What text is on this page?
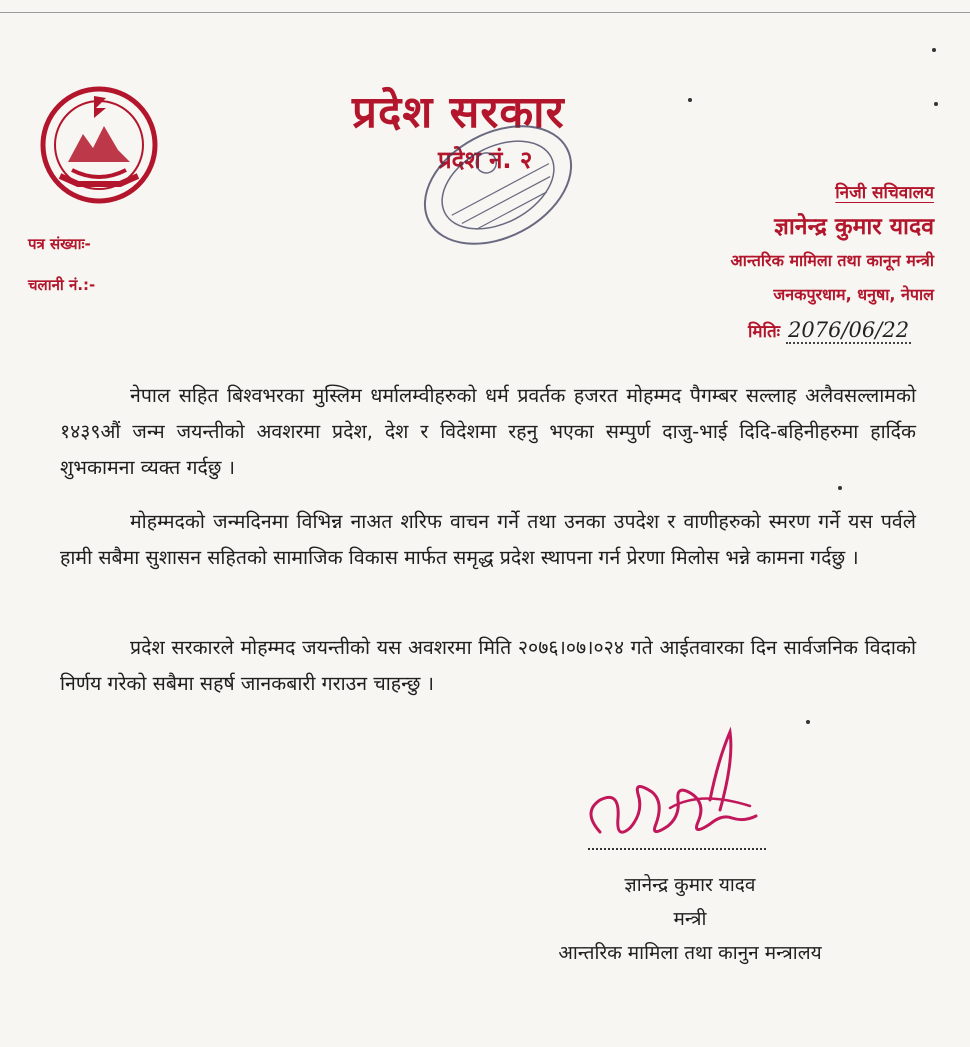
प्रदेश सरकार
प्रदेश नं. २
पत्र संख्याः-
चलानी नं.:-
निजी सचिवालय
ज्ञानेन्द्र कुमार यादव
आन्तरिक मामिला तथा कानून मन्त्री
जनकपुरधाम, धनुषा, नेपाल
मितिः 2076/06/22

नेपाल सहित बिश्वभरका मुस्लिम धर्मालम्वीहरुको धर्म प्रवर्तक हजरत मोहम्मद पैगम्बर सल्लाह अलैवसल्लामको १४३९औं जन्म जयन्तीको अवशरमा प्रदेश, देश र विदेशमा रहनु भएका सम्पुर्ण दाजु-भाई दिदि-बहिनीहरुमा हार्दिक शुभकामना व्यक्त गर्दछु ।

मोहम्मदको जन्मदिनमा विभिन्न नाअत शरिफ वाचन गर्ने तथा उनका उपदेश र वाणीहरुको स्मरण गर्ने यस पर्वले हामी सबैमा सुशासन सहितको सामाजिक विकास मार्फत समृद्ध प्रदेश स्थापना गर्न प्रेरणा मिलोस भन्ने कामना गर्दछु ।

प्रदेश सरकारले मोहम्मद जयन्तीको यस अवशरमा मिति २०७६।०७।०२४ गते आईतवारका दिन सार्वजनिक विदाको निर्णय गरेको सबैमा सहर्ष जानकबारी गराउन चाहन्छु ।

ज्ञानेन्द्र कुमार यादव
मन्त्री
आन्तरिक मामिला तथा कानुन मन्त्रालय
